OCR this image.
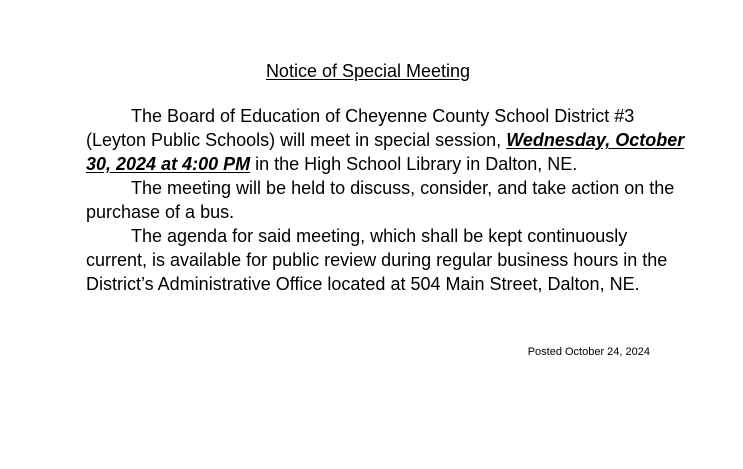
Notice of Special Meeting

The Board of Education of Cheyenne County School District #3 (Leyton Public Schools) will meet in special session, Wednesday, October 30, 2024 at 4:00 PM in the High School Library in Dalton, NE.

The meeting will be held to discuss, consider, and take action on the purchase of a bus.

The agenda for said meeting, which shall be kept continuously current, is available for public review during regular business hours in the District’s Administrative Office located at 504 Main Street, Dalton, NE.

Posted October 24, 2024
